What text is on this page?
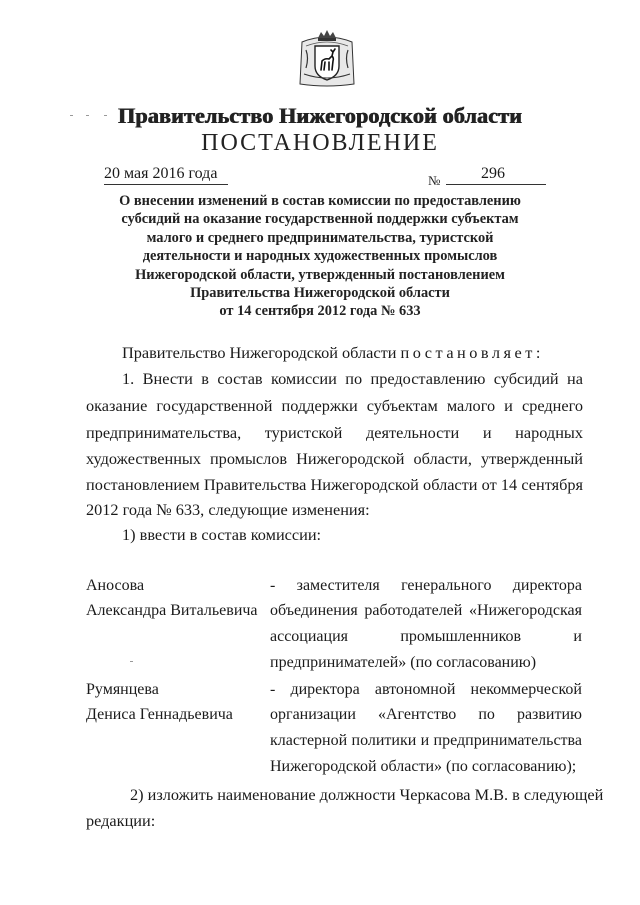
Правительство Нижегородской области
ПОСТАНОВЛЕНИЕ
20 мая 2016 года	№	296
О внесении изменений в состав комиссии по предоставлению
субсидий на оказание государственной поддержки субъектам
малого и среднего предпринимательства, туристской
деятельности и народных художественных промыслов
Нижегородской области, утвержденный постановлением
Правительства Нижегородской области
от 14 сентября 2012 года № 633
Правительство Нижегородской области постановляет:
1. Внести в состав комиссии по предоставлению субсидий на
оказание государственной поддержки субъектам малого и среднего
предпринимательства, туристской деятельности и народных
художественных промыслов Нижегородской области, утвержденный
постановлением Правительства Нижегородской области от 14 сентября
2012 года № 633, следующие изменения:
1) ввести в состав комиссии:
Аносова
Александра Витальевича
- заместителя генерального директора
объединения работодателей «Нижегородская
ассоциация промышленников и
предпринимателей» (по согласованию)
Румянцева
Дениса Геннадьевича
- директора автономной некоммерческой
организации «Агентство по развитию
кластерной политики и предпринимательства
Нижегородской области» (по согласованию);
2) изложить наименование должности Черкасова М.В. в следующей
редакции:
